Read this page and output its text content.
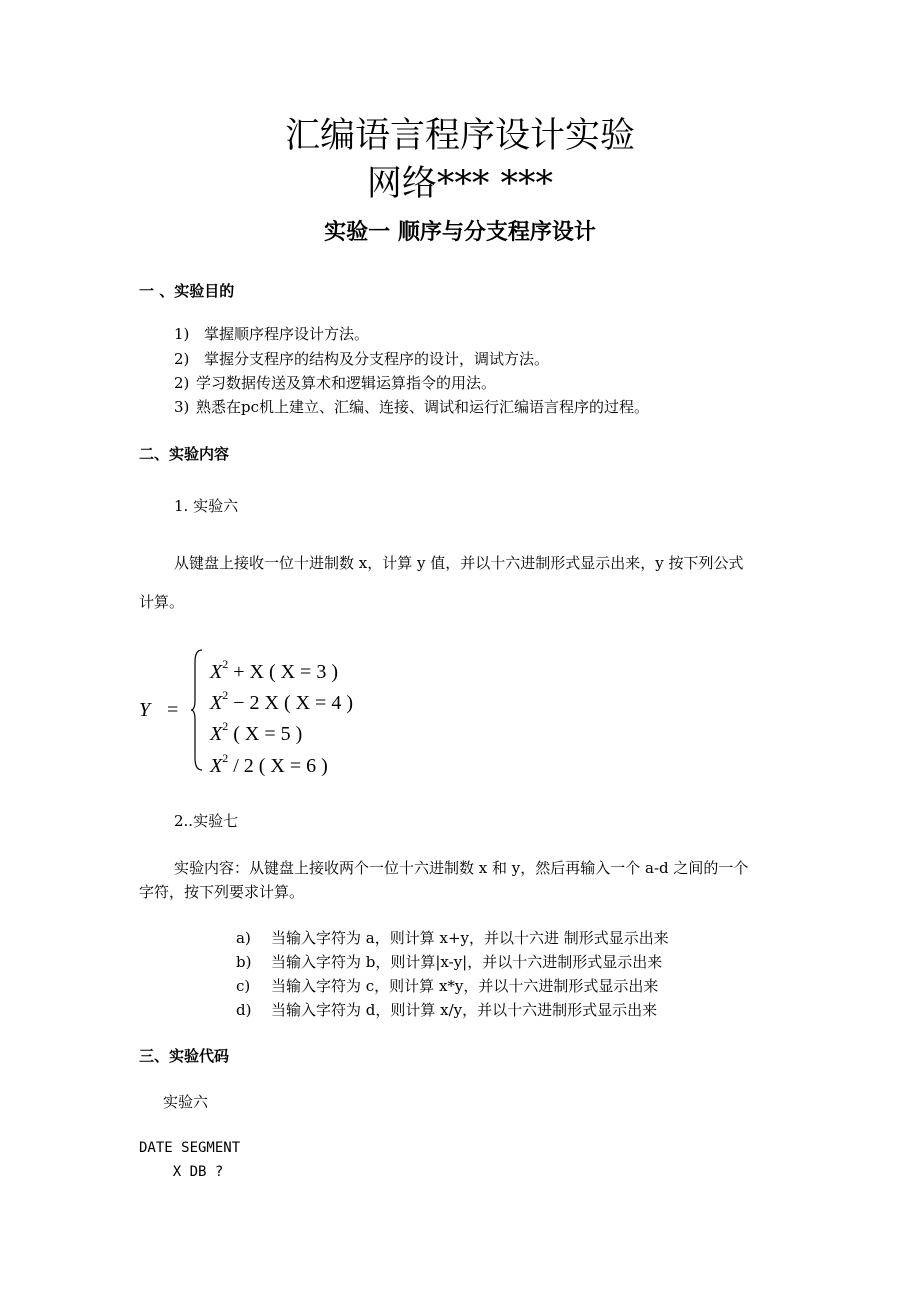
汇编语言程序设计实验
网络*** ***
实验一 顺序与分支程序设计
一 、实验目的
1) 掌握顺序程序设计方法。
2) 掌握分支程序的结构及分支程序的设计，调试方法。
2) 学习数据传送及算术和逻辑运算指令的用法。
3) 熟悉在pc机上建立、汇编、连接、调试和运行汇编语言程序的过程。
二、实验内容
1. 实验六
从键盘上接收一位十进制数 x，计算 y 值，并以十六进制形式显示出来，y 按下列公式
计算。
Y =
$X^2 + X$ ( X = 3 )
$X^2 - 2$ X ( X = 4 )
$X^2$ ( X = 5 )
$X^2 / 2$ ( X = 6 )
2..实验七
实验内容：从键盘上接收两个一位十六进制数 x 和 y，然后再输入一个 a-d 之间的一个
字符，按下列要求计算。
a) 当输入字符为 a，则计算 x+y，并以十六进 制形式显示出来
b) 当输入字符为 b，则计算|x-y|，并以十六进制形式显示出来
c) 当输入字符为 c，则计算 x*y，并以十六进制形式显示出来
d) 当输入字符为 d，则计算 x/y，并以十六进制形式显示出来
三、实验代码
实验六
DATE SEGMENT
X DB ?
